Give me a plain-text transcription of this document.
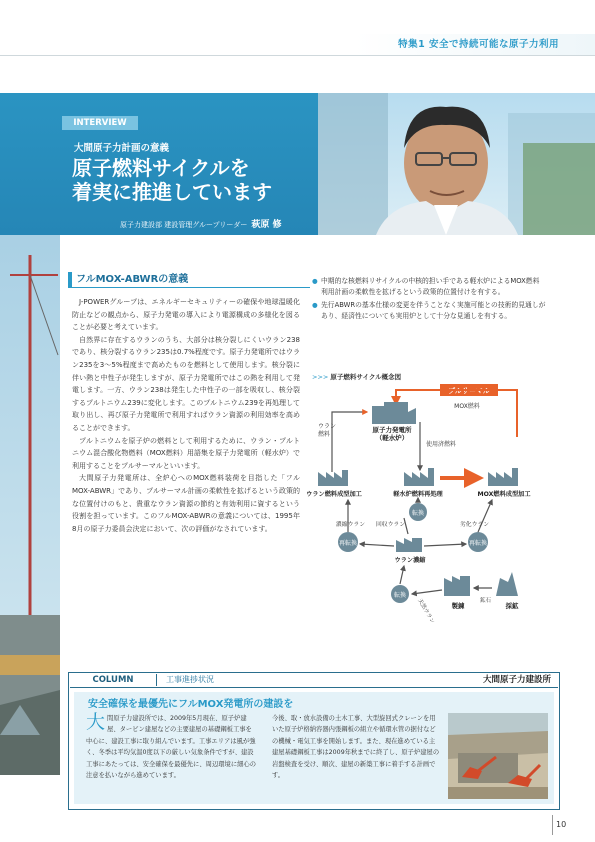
特集1 安全で持続可能な原子力利用
INTERVIEW
大間原子力計画の意義
原子燃料サイクルを
着実に推進しています
原子力建設部 建設管理グループリーダー 萩原 修
フルMOX-ABWRの意義

J-POWERグループは、エネルギーセキュリティーの確保や地球温暖化防止などの観点から、原子力発電の導入により電源構成の多様化を図ることが必要と考えています。

自然界に存在するウランのうち、大部分は核分裂しにくいウラン238であり、核分裂するウラン235は0.7%程度です。原子力発電所ではウラン235を3～5%程度まで高めたものを燃料として使用します。核分裂に伴い熱と中性子が発生しますが、原子力発電所ではこの熱を利用して発電します。一方、ウラン238は発生した中性子の一部を吸収し、核分裂するプルトニウム239に変化します。このプルトニウム239を再処理して取り出し、再び原子力発電所で利用すればウラン資源の利用効率を高めることができます。

プルトニウムを原子炉の燃料として利用するために、ウラン・プルトニウム混合酸化物燃料（MOX燃料）用語集を原子力発電所（軽水炉）で利用することをプルサーマルといいます。

大間原子力発電所は、全炉心へのMOX燃料装荷を目指した「フルMOX-ABWR」であり、プルサーマル計画の柔軟性を拡げるという政策的な位置付けのもと、貴重なウラン資源の節約と有効利用に資するという役割を担っています。このフルMOX-ABWRの意義については、1995年8月の原子力委員会決定において、次の評価がなされています。

● 中期的な核燃料リサイクルの中核的担い手である軽水炉によるMOX燃料利用計画の柔軟性を拡げるという政策的位置付けを有する。
● 先行ABWRの基本仕様の変更を伴うことなく実施可能との技術的見通しがあり、経済性についても実用炉として十分な見通しを有する。
>>> 原子燃料サイクル概念図
プルサーマル
MOX燃料
原子力発電所
（軽水炉）
ウラン
燃料
使用済燃料
ウラン燃料成型加工	軽水炉燃料再処理	MOX燃料成型加工
転換
再転換	再転換
濃縮ウラン 回収ウラン	劣化ウラン
ウラン濃縮
転換
製錬
天然ウラン	採鉱
鉱石
COLUMN	工事進捗状況	大間原子力建設所
安全確保を最優先にフルMOX発電所の建設を
大間原子力建設所では、2009年5月現在、原子炉建屋、タービン建屋などの主要建屋の基礎鋼板工事を中心に、建設工事に取り組んでいます。工事エリアは風が強く、冬季は平均気温0度以下の厳しい気象条件ですが、建設工事にあたっては、安全確保を最優先に、周辺環境に細心の注意を払いながら進めています。
今後、取・放水設備の土木工事、大型旋回式クレーンを用いた原子炉格納容器内張鋼板の組立や循環水管の据付などの機械・電気工事を開始します。また、現在進めている主建屋基礎鋼板工事は2009年秋までに終了し、原子炉建屋の岩盤検査を受け、順次、建屋の新築工事に着手する計画です。
10
